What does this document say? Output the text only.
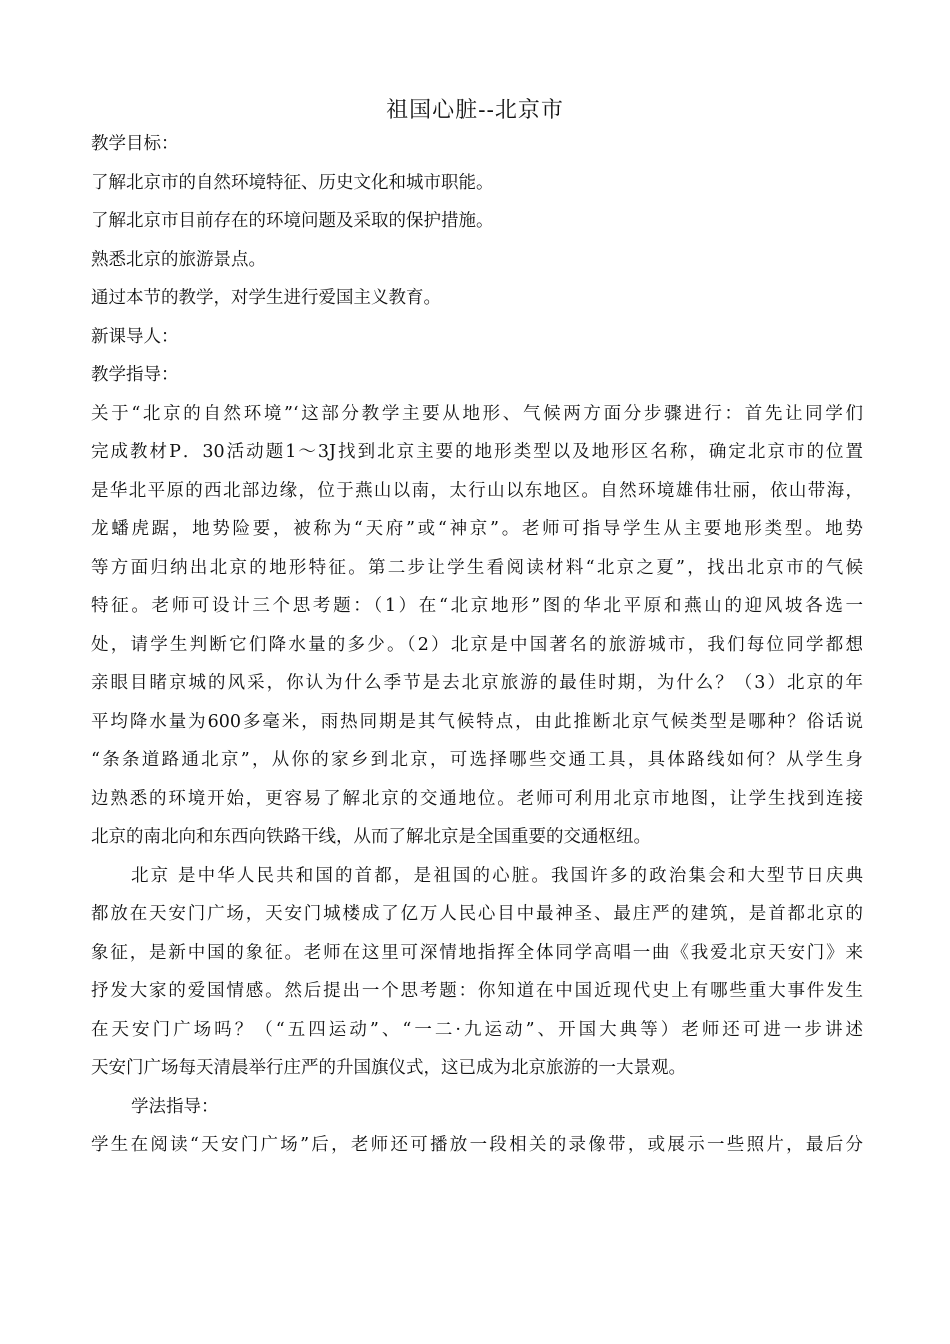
祖国心脏--北京市
教学目标：
了解北京市的自然环境特征、历史文化和城市职能。
了解北京市目前存在的环境问题及采取的保护措施。
熟悉北京的旅游景点。
通过本节的教学，对学生进行爱国主义教育。
新课导人：
教学指导：
关于“北京的自然环境”‘这部分教学主要从地形、气候两方面分步骤进行：首先让同学们
完成教材P．30活动题1～3J找到北京主要的地形类型以及地形区名称，确定北京市的位置
是华北平原的西北部边缘，位于燕山以南，太行山以东地区。自然环境雄伟壮丽，依山带海，
龙蟠虎踞，地势险要，被称为“天府”或“神京”。老师可指导学生从主要地形类型。地势
等方面归纳出北京的地形特征。第二步让学生看阅读材料“北京之夏”，找出北京市的气候
特征。老师可设计三个思考题：（1）在“北京地形”图的华北平原和燕山的迎风坡各选一
处，请学生判断它们降水量的多少。（2）北京是中国著名的旅游城市，我们每位同学都想
亲眼目睹京城的风采，你认为什么季节是去北京旅游的最佳时期，为什么？（3）北京的年
平均降水量为600多毫米，雨热同期是其气候特点，由此推断北京气候类型是哪种？俗话说
“条条道路通北京”，从你的家乡到北京，可选择哪些交通工具，具体路线如何？从学生身
边熟悉的环境开始，更容易了解北京的交通地位。老师可利用北京市地图，让学生找到连接
北京的南北向和东西向铁路干线，从而了解北京是全国重要的交通枢纽。
北京 是中华人民共和国的首都，是祖国的心脏。我国许多的政治集会和大型节日庆典
都放在天安门广场，天安门城楼成了亿万人民心目中最神圣、最庄严的建筑，是首都北京的
象征，是新中国的象征。老师在这里可深情地指挥全体同学高唱一曲《我爱北京天安门》来
抒发大家的爱国情感。然后提出一个思考题：你知道在中国近现代史上有哪些重大事件发生
在天安门广场吗？（“五四运动”、“一二·九运动”、开国大典等）老师还可进一步讲述
天安门广场每天清晨举行庄严的升国旗仪式，这已成为北京旅游的一大景观。
学法指导：
学生在阅读“天安门广场”后，老师还可播放一段相关的录像带，或展示一些照片，最后分
